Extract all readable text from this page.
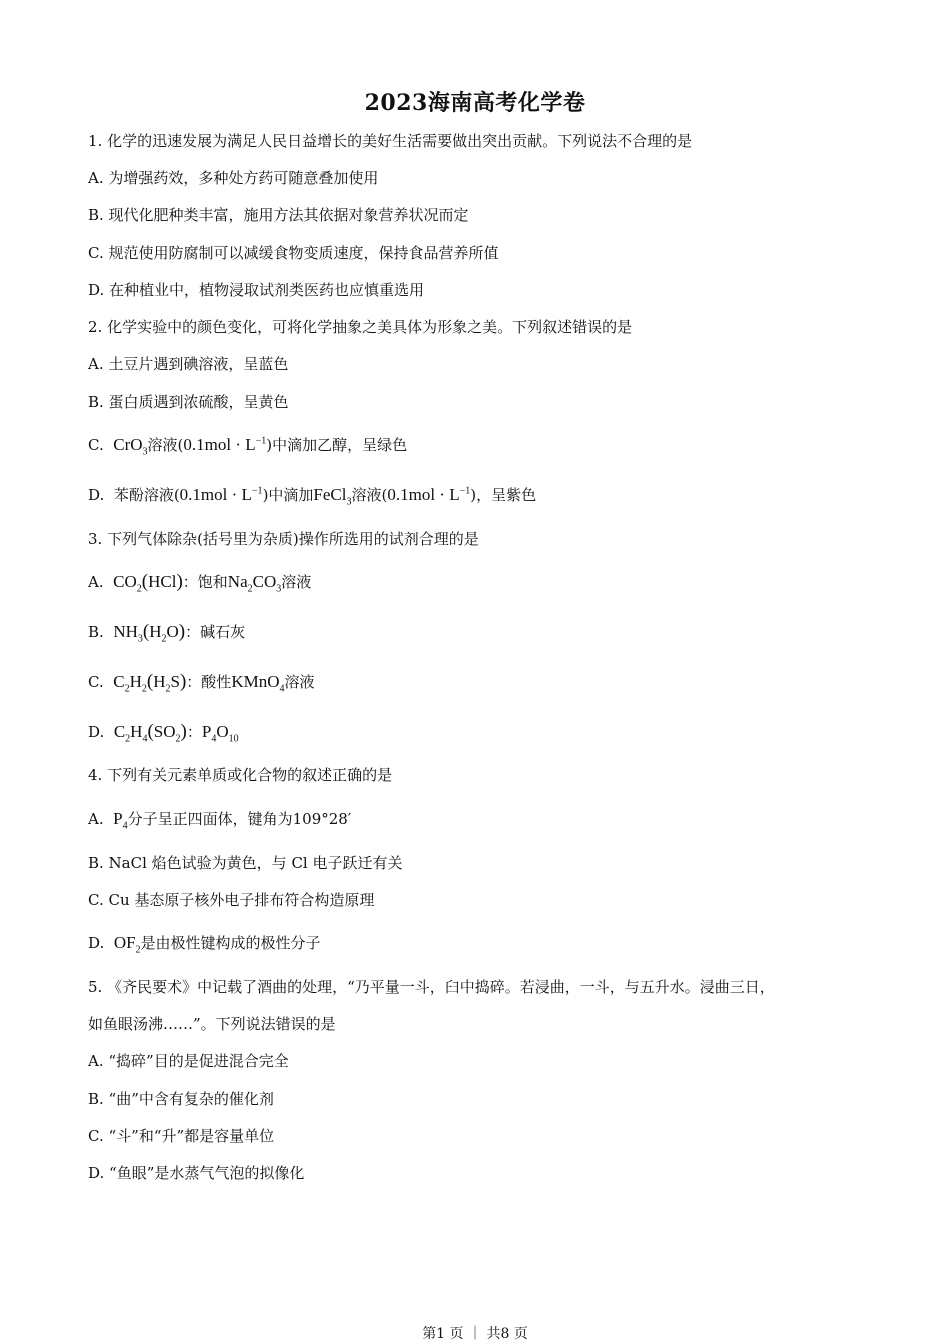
2023海南高考化学卷
1. 化学的迅速发展为满足人民日益增长的美好生活需要做出突出贡献。下列说法不合理的是
A. 为增强药效，多种处方药可随意叠加使用
B. 现代化肥种类丰富，施用方法其依据对象营养状况而定
C. 规范使用防腐制可以减缓食物变质速度，保持食品营养所值
D. 在种植业中，植物浸取试剂类医药也应慎重选用
2. 化学实验中的颜色变化，可将化学抽象之美具体为形象之美。下列叙述错误的是
A. 土豆片遇到碘溶液，呈蓝色
B. 蛋白质遇到浓硫酸，呈黄色
C. CrO$_3$溶液$(0.1mol \cdot L^{-1})$中滴加乙醇，呈绿色
D. 苯酚溶液$(0.1mol \cdot L^{-1})$中滴加FeCl$_3$溶液$(0.1mol \cdot L^{-1})$，呈紫色
3. 下列气体除杂(括号里为杂质)操作所选用的试剂合理的是
A. $CO_2(HCl)$：饱和$Na_2CO_3$溶液
B. $NH_3(H_2O)$：碱石灰
C. $C_2H_2(H_2S)$：酸性KMnO$_4$溶液
D. $C_2H_4(SO_2)$：$P_4O_{10}$
4. 下列有关元素单质或化合物的叙述正确的是
A. $P_4$分子呈正四面体，键角为109°28′
B. NaCl 焰色试验为黄色，与 Cl 电子跃迁有关
C. Cu 基态原子核外电子排布符合构造原理
D. $OF_2$是由极性键构成的极性分子
5. 《齐民要术》中记载了酒曲的处理，“乃平量一斗，臼中捣碎。若浸曲，一斗，与五升水。浸曲三日，
如鱼眼汤沸……”。下列说法错误的是
A. “捣碎”目的是促进混合完全
B. “曲”中含有复杂的催化剂
C. “斗”和“升”都是容量单位
D. “鱼眼”是水蒸气气泡的拟像化
第1 页 ｜ 共8 页
